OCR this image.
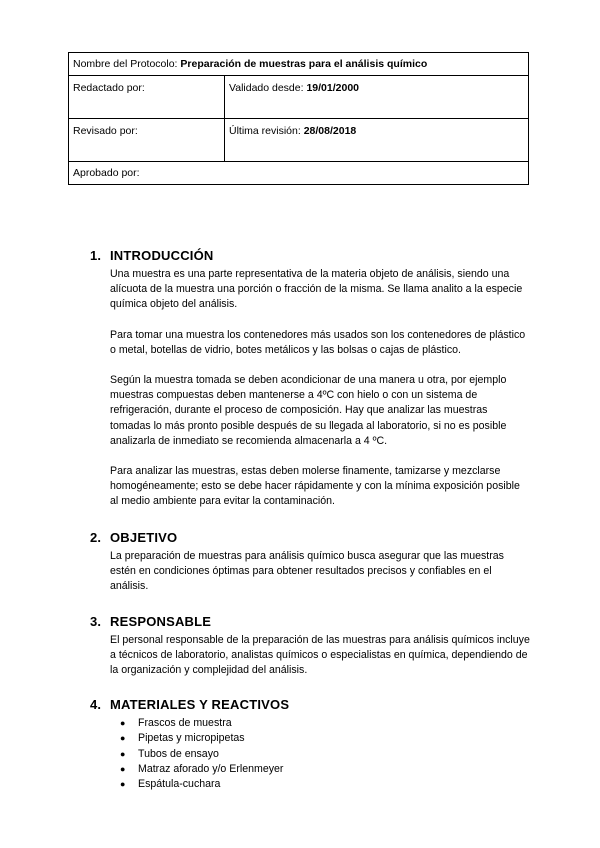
Nombre del Protocolo: Preparación de muestras para el análisis químico	
Redactado por:	Validado desde: 19/01/2000
Revisado por:	Última revisión: 28/08/2018
Aprobado por:	
1. INTRODUCCIÓN

Una muestra es una parte representativa de la materia objeto de análisis, siendo una alícuota de la muestra una porción o fracción de la misma. Se llama analito a la especie química objeto del análisis.

Para tomar una muestra los contenedores más usados son los contenedores de plástico o metal, botellas de vidrio, botes metálicos y las bolsas o cajas de plástico.

Según la muestra tomada se deben acondicionar de una manera u otra, por ejemplo muestras compuestas deben mantenerse a 4ºC con hielo o con un sistema de refrigeración, durante el proceso de composición. Hay que analizar las muestras tomadas lo más pronto posible después de su llegada al laboratorio, si no es posible analizarla de inmediato se recomienda almacenarla a 4 ºC.

Para analizar las muestras, estas deben molerse finamente, tamizarse y mezclarse homogéneamente; esto se debe hacer rápidamente y con la mínima exposición posible al medio ambiente para evitar la contaminación.

2. OBJETIVO

La preparación de muestras para análisis químico busca asegurar que las muestras estén en condiciones óptimas para obtener resultados precisos y confiables en el análisis.

3. RESPONSABLE

El personal responsable de la preparación de las muestras para análisis químicos incluye a técnicos de laboratorio, analistas químicos o especialistas en química, dependiendo de la organización y complejidad del análisis.

4. MATERIALES Y REACTIVOS
●	Frascos de muestra
●	Pipetas y micropipetas
●	Tubos de ensayo
●	Matraz aforado y/o Erlenmeyer
●	Espátula-cuchara
